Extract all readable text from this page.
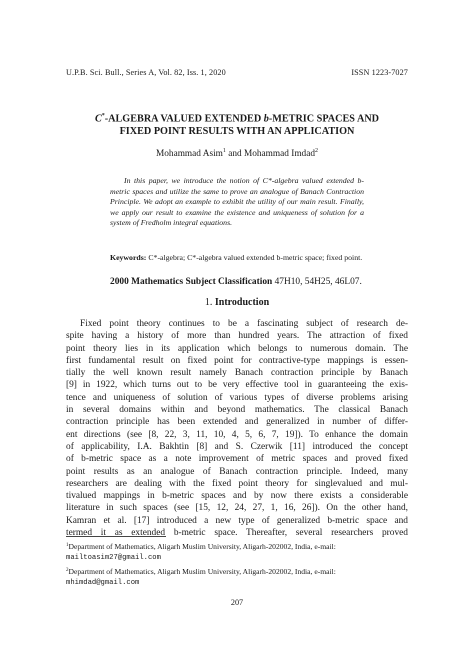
U.P.B. Sci. Bull., Series A, Vol. 82, Iss. 1, 2020	ISSN 1223-7027
C*-ALGEBRA VALUED EXTENDED b-METRIC SPACES AND
FIXED POINT RESULTS WITH AN APPLICATION
Mohammad Asim$^1$ and Mohammad Imdad$^2$
In this paper, we introduce the notion of C*-algebra valued extended b-metric spaces and utilize the same to prove an analogue of Banach Contraction Principle. We adopt an example to exhibit the utility of our main result. Finally, we apply our result to examine the existence and uniqueness of solution for a system of Fredholm integral equations.
Keywords: C*-algebra; C*-algebra valued extended b-metric space; fixed point.
2000 Mathematics Subject Classification 47H10, 54H25, 46L07.
1. Introduction
Fixed point theory continues to be a fascinating subject of research de-
spite having a history of more than hundred years. The attraction of fixed
point theory lies in its application which belongs to numerous domain. The
first fundamental result on fixed point for contractive-type mappings is essen-
tially the well known result namely Banach contraction principle by Banach
[9] in 1922, which turns out to be very effective tool in guaranteeing the exis-
tence and uniqueness of solution of various types of diverse problems arising
in several domains within and beyond mathematics. The classical Banach
contraction principle has been extended and generalized in number of differ-
ent directions (see [8, 22, 3, 11, 10, 4, 5, 6, 7, 19]). To enhance the domain
of applicability, I.A. Bakhtin [8] and S. Czerwik [11] introduced the concept
of b-metric space as a note improvement of metric spaces and proved fixed
point results as an analogue of Banach contraction principle. Indeed, many
researchers are dealing with the fixed point theory for singlevalued and mul-
tivalued mappings in b-metric spaces and by now there exists a considerable
literature in such spaces (see [15, 12, 24, 27, 1, 16, 26]). On the other hand,
Kamran et al. [17] introduced a new type of generalized b-metric space and
termed it as extended b-metric space. Thereafter, several researchers proved
$^1$Department of Mathematics, Aligarh Muslim University, Aligarh-202002, India, e-mail:
mailtoasim27@gmail.com
$^2$Department of Mathematics, Aligarh Muslim University, Aligarh-202002, India, e-mail:
mhimdad@gmail.com
207
